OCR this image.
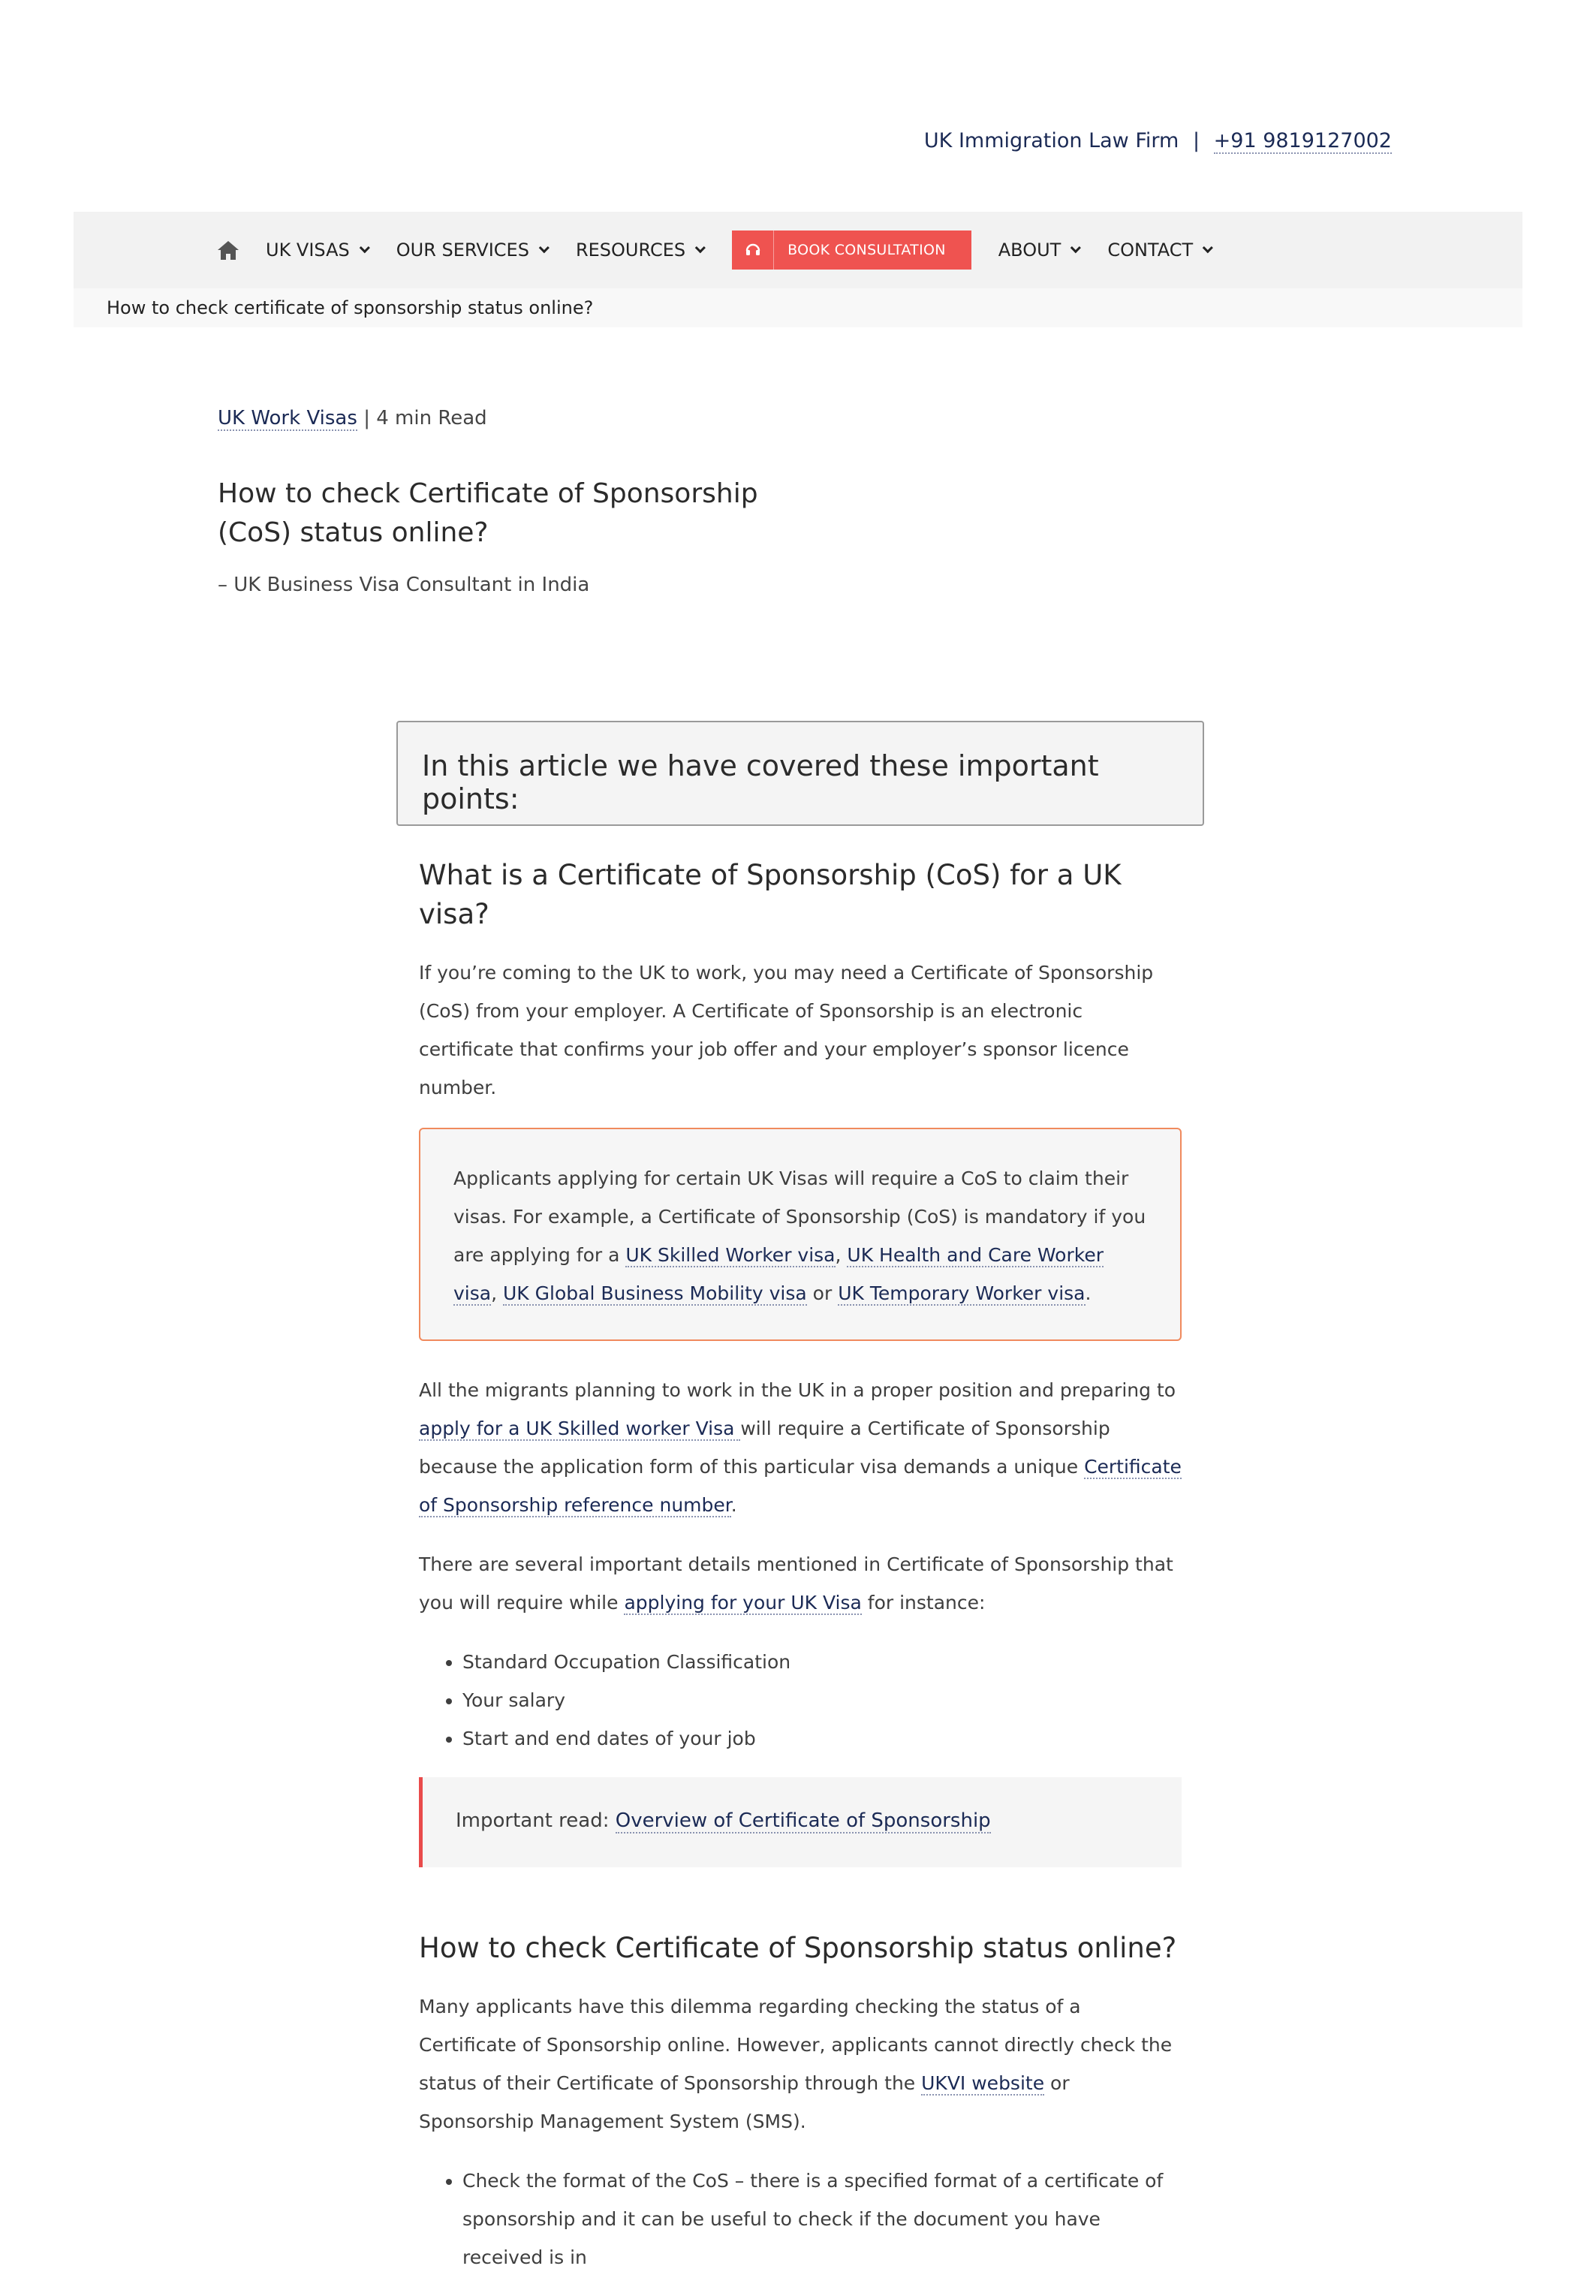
UK Immigration Law Firm | +91 9819127002
UK VISAS	OUR SERVICES	RESOURCES	BOOK CONSULTATION	ABOUT	CONTACT
How to check certificate of sponsorship status online?
UK Work Visas | 4 min Read
How to check Certificate of Sponsorship (CoS) status online?
– UK Business Visa Consultant in India
In this article we have covered these important points:
What is a Certificate of Sponsorship (CoS) for a UK visa?

If you’re coming to the UK to work, you may need a Certificate of Sponsorship (CoS) from your employer. A Certificate of Sponsorship is an electronic certificate that confirms your job offer and your employer’s sponsor licence number.

Applicants applying for certain UK Visas will require a CoS to claim their visas. For example, a Certificate of Sponsorship (CoS) is mandatory if you are applying for a UK Skilled Worker visa, UK Health and Care Worker visa, UK Global Business Mobility visa or UK Temporary Worker visa.

All the migrants planning to work in the UK in a proper position and preparing to apply for a UK Skilled worker Visa will require a Certificate of Sponsorship because the application form of this particular visa demands a unique Certificate of Sponsorship reference number.

There are several important details mentioned in Certificate of Sponsorship that you will require while applying for your UK Visa for instance:

• Standard Occupation Classification
• Your salary
• Start and end dates of your job
Important read: Overview of Certificate of Sponsorship
How to check Certificate of Sponsorship status online?

Many applicants have this dilemma regarding checking the status of a Certificate of Sponsorship online. However, applicants cannot directly check the status of their Certificate of Sponsorship through the UKVI website or Sponsorship Management System (SMS).

• Check the format of the CoS – there is a specified format of a certificate of sponsorship and it can be useful to check if the document you have received is in
